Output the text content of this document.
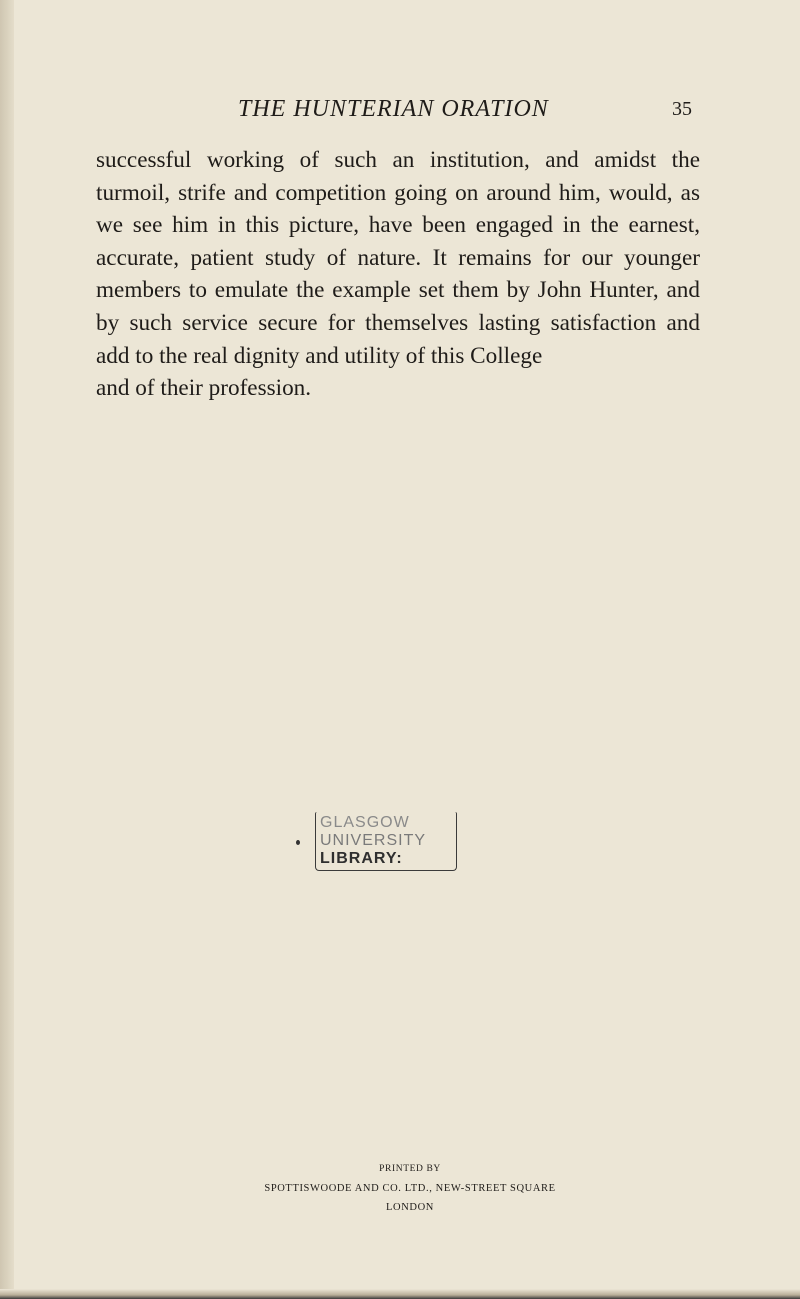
THE HUNTERIAN ORATION	35

successful working of such an institution, and amidst the turmoil, strife and competition going on around him, would, as we see him in this picture, have been engaged in the earnest, accurate, patient study of nature. It remains for our younger members to emulate the example set them by John Hunter, and by such service secure for themselves lasting satisfaction and add to the real dignity and utility of this College

and of their profession.

GLASGOW
UNIVERSITY
LIBRARY:
PRINTED BY
SPOTTISWOODE AND CO. LTD., NEW-STREET SQUARE
LONDON
